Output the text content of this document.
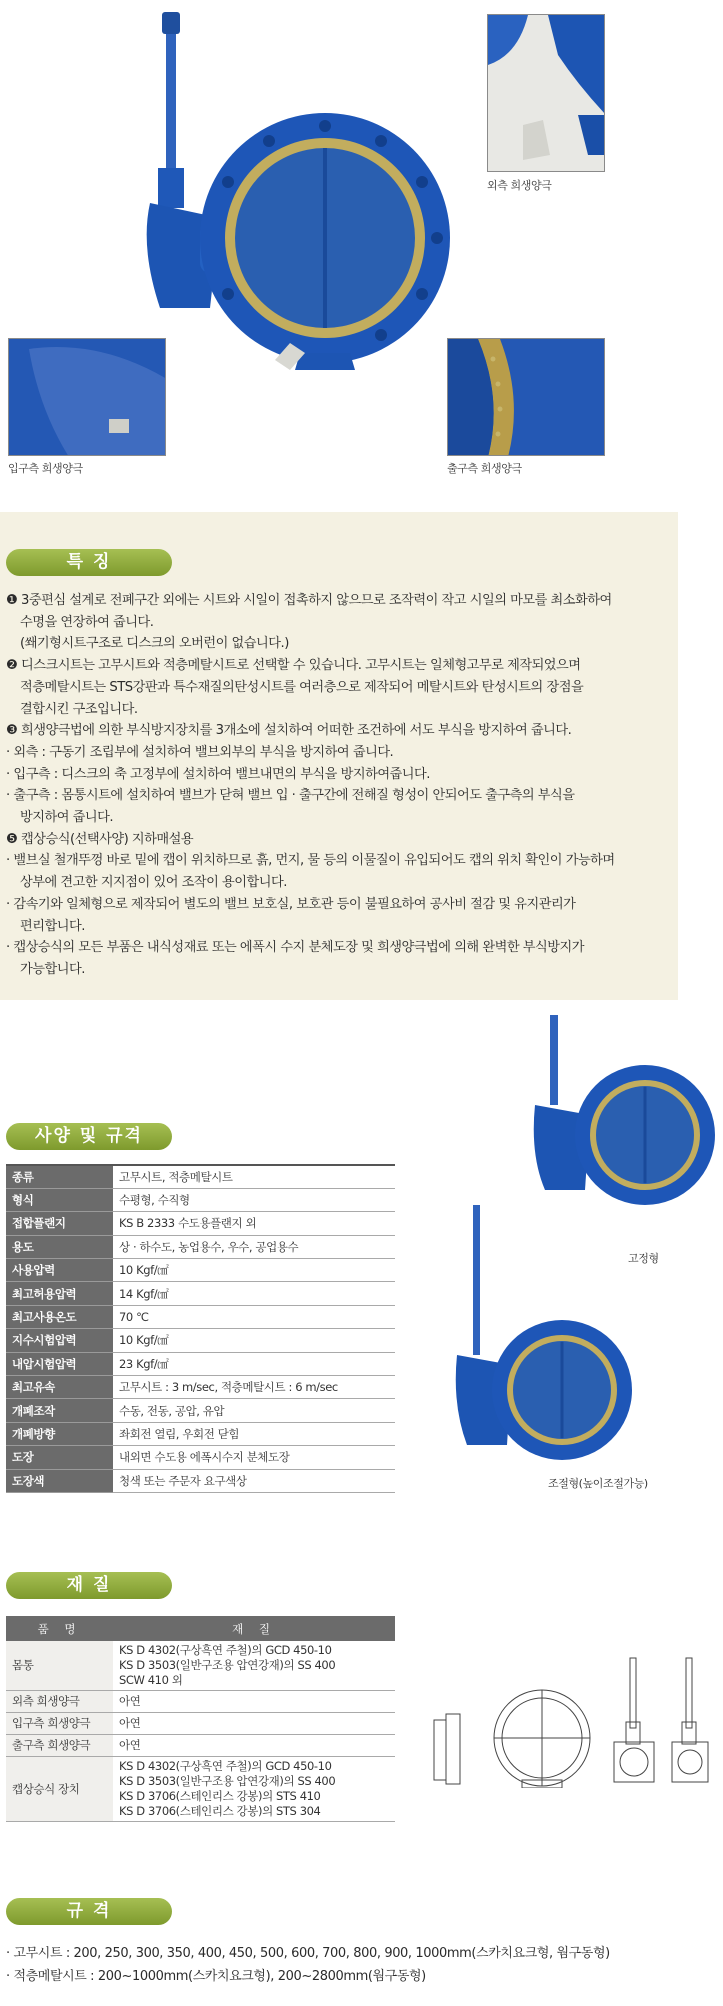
외측 희생양극
입구측 희생양극	출구측 희생양극
특 징
❶ 3중편심 설계로 전폐구간 외에는 시트와 시일이 접촉하지 않으므로 조작력이 작고 시일의 마모를 최소화하여
수명을 연장하여 줍니다.
(쐐기형시트구조로 디스크의 오버런이 없습니다.)
❷ 디스크시트는 고무시트와 적층메탈시트로 선택할 수 있습니다. 고무시트는 일체형고무로 제작되었으며
적층메탈시트는 STS강판과 특수재질의탄성시트를 여러층으로 제작되어 메탈시트와 탄성시트의 장점을
결합시킨 구조입니다.
❸ 희생양극법에 의한 부식방지장치를 3개소에 설치하여 어떠한 조건하에 서도 부식을 방지하여 줍니다.
· 외측 : 구동기 조립부에 설치하여 밸브외부의 부식을 방지하여 줍니다.
· 입구측 : 디스크의 축 고정부에 설치하여 밸브내면의 부식을 방지하여줍니다.
· 출구측 : 몸통시트에 설치하여 밸브가 닫혀 밸브 입 · 출구간에 전해질 형성이 안되어도 출구측의 부식을
방지하여 줍니다.
❺ 캡상승식(선택사양) 지하매설용
· 밸브실 철개뚜껑 바로 밑에 캡이 위치하므로 흙, 먼지, 물 등의 이물질이 유입되어도 캡의 위치 확인이 가능하며
상부에 견고한 지지점이 있어 조작이 용이합니다.
· 감속기와 일체형으로 제작되어 별도의 밸브 보호실, 보호관 등이 불필요하여 공사비 절감 및 유지관리가
편리합니다.
· 캡상승식의 모든 부품은 내식성재료 또는 에폭시 수지 분체도장 및 희생양극법에 의해 완벽한 부식방지가
가능합니다.
사양 및 규격
종류	고무시트, 적층메탈시트
형식	수평형, 수직형
접합플랜지	KS B 2333 수도용플랜지 외
용도	상 · 하수도, 농업용수, 우수, 공업용수
사용압력	10 Kgf/㎠
최고허용압력	14 Kgf/㎠
최고사용온도	70 ℃
지수시험압력	10 Kgf/㎠
내압시험압력	23 Kgf/㎠
최고유속	고무시트 : 3 m/sec, 적층메탈시트 : 6 m/sec
개폐조작	수동, 전동, 공압, 유압
개폐방향	좌회전 열림, 우회전 닫힘
도장	내외면 수도용 에폭시수지 분체도장
도장색	청색 또는 주문자 요구색상
고정형
조절형(높이조절가능)
재 질
품 명	재 질
몸통	KS D 4302(구상흑연 주철)의 GCD 450-10
KS D 3503(일반구조용 압연강재)의 SS 400
SCW 410 외

외측 희생양극	아연

입구측 희생양극	아연

출구측 희생양극	아연

캡상승식 장치	KS D 4302(구상흑연 주철)의 GCD 450-10
KS D 3503(일반구조용 압연강재)의 SS 400
KS D 3706(스테인리스 강봉)의 STS 410
KS D 3706(스테인리스 강봉)의 STS 304
규 격
· 고무시트 : 200, 250, 300, 350, 400, 450, 500, 600, 700, 800, 900, 1000mm(스카치요크형, 웜구동형)
· 적층메탈시트 : 200~1000mm(스카치요크형), 200~2800mm(웜구동형)
